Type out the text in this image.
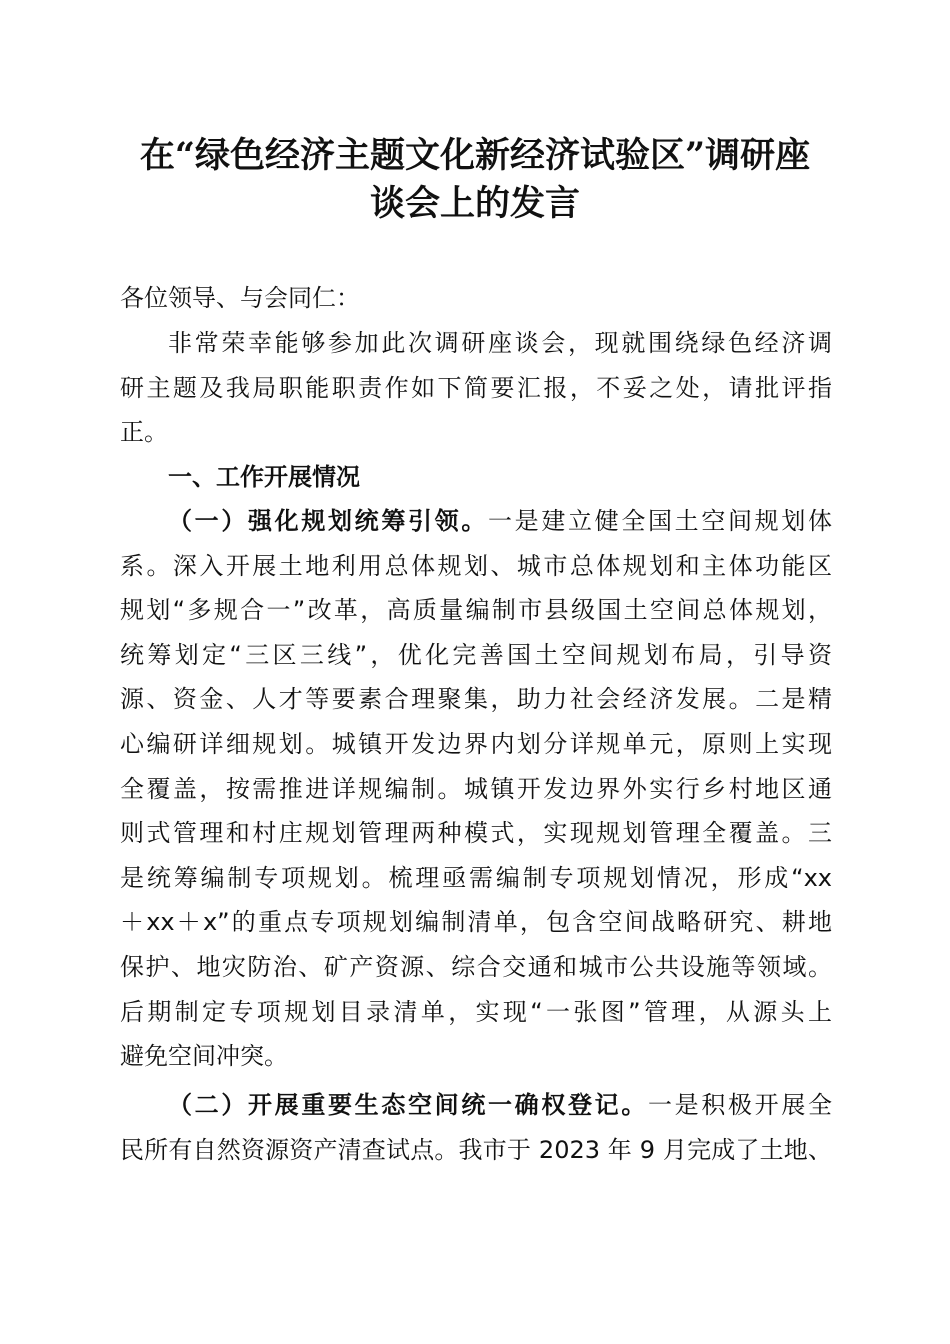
在“绿色经济主题文化新经济试验区”调研座
谈会上的发言
各位领导、与会同仁：
非常荣幸能够参加此次调研座谈会，现就围绕绿色经济调
研主题及我局职能职责作如下简要汇报，不妥之处，请批评指
正。
一、工作开展情况
（一）强化规划统筹引领。一是建立健全国土空间规划体
系。深入开展土地利用总体规划、城市总体规划和主体功能区
规划“多规合一”改革，高质量编制市县级国土空间总体规划，
统筹划定“三区三线”，优化完善国土空间规划布局，引导资
源、资金、人才等要素合理聚集，助力社会经济发展。二是精
心编研详细规划。城镇开发边界内划分详规单元，原则上实现
全覆盖，按需推进详规编制。城镇开发边界外实行乡村地区通
则式管理和村庄规划管理两种模式，实现规划管理全覆盖。三
是统筹编制专项规划。梳理亟需编制专项规划情况，形成“xx
＋xx＋x”的重点专项规划编制清单，包含空间战略研究、耕地
保护、地灾防治、矿产资源、综合交通和城市公共设施等领域。
后期制定专项规划目录清单，实现“一张图”管理，从源头上
避免空间冲突。
（二）开展重要生态空间统一确权登记。一是积极开展全
民所有自然资源资产清查试点。我市于 2023 年 9 月完成了土地、
